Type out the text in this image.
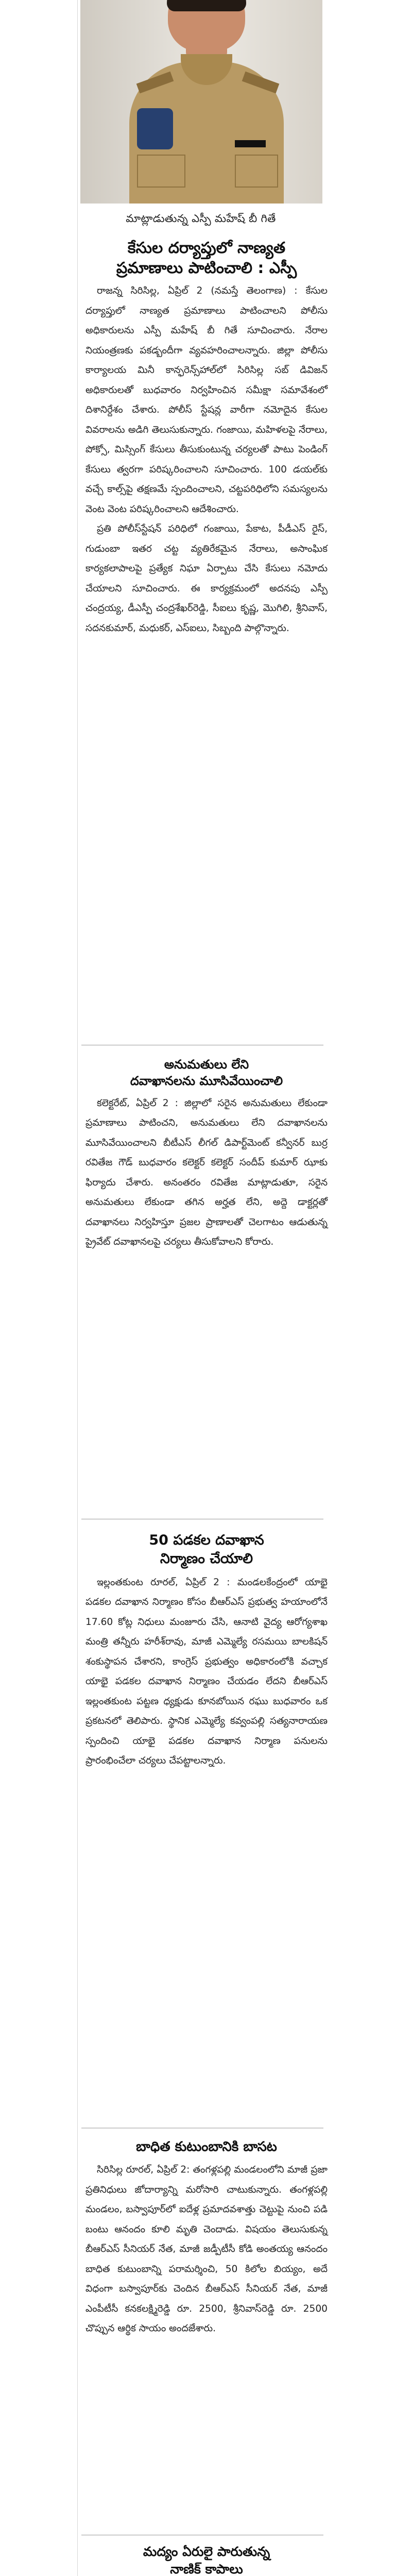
మాట్లాడుతున్న ఎస్పీ మహేష్ బీ గితే
కేసుల దర్యాప్తులో నాణ్యత
ప్రమాణాలు పాటించాలి : ఎస్పీ

రాజన్న సిరిసిల్ల, ఏప్రిల్ 2 (నమస్తే తెలంగాణ) : కేసుల దర్యాప్తులో నాణ్యత ప్రమాణాలు పాటించాలని పోలీసు అధికారులను ఎస్పీ మహేష్ బీ గితే సూచించారు. నేరాల నియంత్రణకు పకడ్బందీగా వ్యవహరించాలన్నారు. జిల్లా పోలీసు కార్యాలయ మినీ కాన్ఫరెన్స్‌హాల్‌లో సిరిసిల్ల సబ్ డివిజన్ అధికారులతో బుధవారం నిర్వహించిన సమీక్షా సమావేశంలో దిశానిర్దేశం చేశారు. పోలీస్ స్టేషన్ల వారీగా నమోదైన కేసుల వివరాలను అడిగి తెలుసుకున్నారు. గంజాయి, మహిళలపై నేరాలు, పోక్సో, మిస్సింగ్ కేసులు తీసుకుంటున్న చర్యలతో పాటు పెండింగ్ కేసులు త్వరగా పరిష్కరించాలని సూచించారు. 100 డయల్‌కు వచ్చే కాల్స్‌పై తక్షణమే స్పందించాలని, చట్టపరిధిలోని సమస్యలను వెంట వెంట పరిష్కరించాలని ఆదేశించారు.

ప్రతి పోలీస్‌స్టేషన్ పరిధిలో గంజాయి, పేకాట, పీడీఎస్ రైస్, గుడుంబా ఇతర చట్ట వ్యతిరేకమైన నేరాలు, అసాంఘిక కార్యకలాపాలపై ప్రత్యేక నిఘా ఏర్పాటు చేసి కేసులు నమోదు చేయాలని సూచించారు. ఈ కార్యక్రమంలో అదనపు ఎస్పీ చంద్రయ్య, డీఎస్పీ చంద్రశేఖర్‌రెడ్డి, సీఐలు కృష్ణ, మొగిలి, శ్రీనివాస్, సదనకుమార్, మధుకర్, ఎస్ఐలు, సిబ్బంది పాల్గొన్నారు.

అనుమతులు లేని
దవాఖానలను మూసివేయించాలి

కలెక్టరేట్, ఏప్రిల్ 2 : జిల్లాలో సరైన అనుమతులు లేకుండా ప్రమాణాలు పాటించని, అనుమతులు లేని దవాఖానలను మూసివేయించాలని బీటీఎస్ లీగల్ డిపార్ట్‌మెంట్ కన్వీనర్ బుర్ర రవితేజ గౌడ్ బుధవారం కలెక్టర్ కలెక్టర్ సందీప్ కుమార్ ఝాకు ఫిర్యాదు చేశారు. అనంతరం రవితేజ మాట్లాడుతూ, సరైన అనుమతులు లేకుండా తగిన అర్హత లేని, అద్దె డాక్టర్లతో దవాఖానలు నిర్వహిస్తూ ప్రజల ప్రాణాలతో చెలగాటం ఆడుతున్న ప్రైవేట్ దవాఖానలపై చర్యలు తీసుకోవాలని కోరారు.

50 పడకల దవాఖాన
నిర్మాణం చేయాలి

ఇల్లంతకుంట రూరల్, ఏప్రిల్ 2 : మండలకేంద్రంలో యాభై పడకల దవాఖాన నిర్మాణం కోసం బీఆర్‌ఎస్ ప్రభుత్వ హయాంలోనే 17.60 కోట్ల నిధులు మంజూరు చేసి, ఆనాటి వైద్య ఆరోగ్యశాఖ మంత్రి తన్నీరు హరీశ్‌రావు, మాజీ ఎమ్మెల్యే రసమయి బాలకిషన్ శంకుస్థాపన చేశారని, కాంగ్రెస్ ప్రభుత్వం అధికారంలోకి వచ్చాక యాభై పడకల దవాఖాన నిర్మాణం చేయడం లేదని బీఆర్‌ఎస్ ఇల్లంతకుంట పట్టణ ధ్యక్షుడు కూనబోయిన రఘు బుధవారం ఒక ప్రకటనలో తెలిపారు. స్థానిక ఎమ్మెల్యే కవ్వంపల్లి సత్యనారాయణ స్పందించి యాభై పడకల దవాఖాన నిర్మాణ పనులను ప్రారంభించేలా చర్యలు చేపట్టాలన్నారు.

బాధిత కుటుంబానికి బాసట

సిరిసిల్ల రూరల్, ఏప్రిల్ 2: తంగళ్లపల్లి మండలంలోని మాజీ ప్రజా ప్రతినిధులు జోదార్యాన్ని మరోసారి చాటుకున్నారు. తంగళ్లపల్లి మండలం, బస్వాపూర్‌లో ఐదేళ్ల ప్రమాదవశాత్తు చెట్టుపై నుంచి పడి బంటు ఆనందం కూలి మృతి చెందాడు. విషయం తెలుసుకున్న బీఆర్‌ఎస్ సీనియర్ నేత, మాజీ జడ్పీటీసీ కోడి అంతయ్య ఆనందం బాధిత కుటుంబాన్ని పరామర్శించి, 50 కిలోల బియ్యం, అదే విధంగా బస్వాపూర్‌కు చెందిన బీఆర్‌ఎస్ సీనియర్ నేత, మాజీ ఎంపీటీసీ కనకలక్ష్మిరెడ్డి రూ. 2500, శ్రీనివాస్‌రెడ్డి రూ. 2500 చొప్పున ఆర్థిక సాయం అందజేశారు.

మద్యం ఏరులై పారుతున్న
నాణిక్ కాపాలు
